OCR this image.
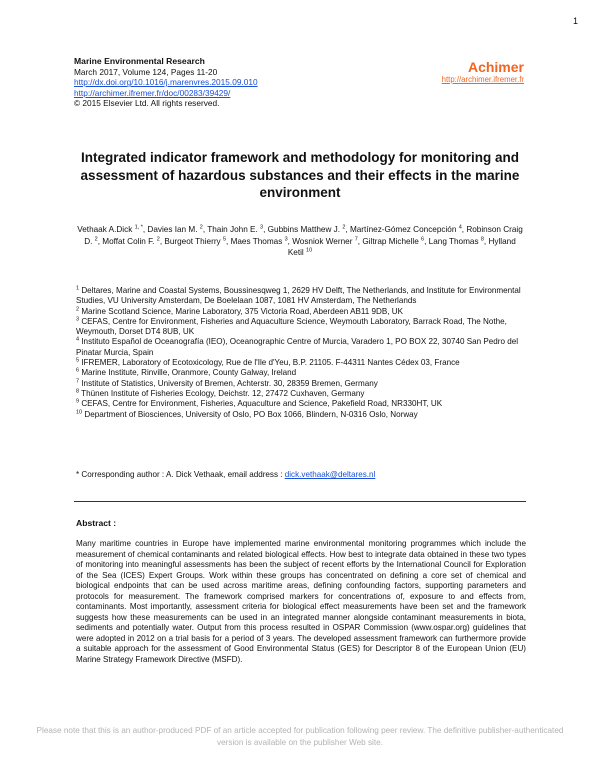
1
Marine Environmental Research
March 2017, Volume 124, Pages 11-20
http://dx.doi.org/10.1016/j.marenvres.2015.09.010
http://archimer.ifremer.fr/doc/00283/39429/
© 2015 Elsevier Ltd. All rights reserved.
Achimer
http://archimer.ifremer.fr
Integrated indicator framework and methodology for monitoring and assessment of hazardous substances and their effects in the marine environment
Vethaak A.Dick $^{1, *}$, Davies Ian M. $^2$, Thain John E. $^3$, Gubbins Matthew J. $^2$, Martínez-Gómez Concepción $^4$, Robinson Craig D. $^2$, Moffat Colin F. $^2$, Burgeot Thierry $^5$, Maes Thomas $^3$, Wosniok Werner $^7$, Giltrap Michelle $^6$, Lang Thomas $^8$, Hylland Ketil $^{10}$

$^1$ Deltares, Marine and Coastal Systems, Boussinesqweg 1, 2629 HV Delft, The Netherlands, and Institute for Environmental Studies, VU University Amsterdam, De Boelelaan 1087, 1081 HV Amsterdam, The Netherlands

$^2$ Marine Scotland Science, Marine Laboratory, 375 Victoria Road, Aberdeen AB11 9DB, UK

$^3$ CEFAS, Centre for Environment, Fisheries and Aquaculture Science, Weymouth Laboratory, Barrack Road, The Nothe, Weymouth, Dorset DT4 8UB, UK

$^4$ Instituto Español de Oceanografía (IEO), Oceanographic Centre of Murcia, Varadero 1, PO BOX 22, 30740 San Pedro del Pinatar Murcia, Spain

$^5$ IFREMER, Laboratory of Ecotoxicology, Rue de l'Ile d'Yeu, B.P. 21105. F-44311 Nantes Cédex 03, France

$^6$ Marine Institute, Rinville, Oranmore, County Galway, Ireland

$^7$ Institute of Statistics, University of Bremen, Achterstr. 30, 28359 Bremen, Germany

$^8$ Thünen Institute of Fisheries Ecology, Deichstr. 12, 27472 Cuxhaven, Germany

$^9$ CEFAS, Centre for Environment, Fisheries, Aquaculture and Science, Pakefield Road, NR330HT, UK

$^{10}$ Department of Biosciences, University of Oslo, PO Box 1066, Blindern, N-0316 Oslo, Norway

* Corresponding author : A. Dick Vethaak, email address : dick.vethaak@deltares.nl
Abstract :
Many maritime countries in Europe have implemented marine environmental monitoring programmes which include the measurement of chemical contaminants and related biological effects. How best to integrate data obtained in these two types of monitoring into meaningful assessments has been the subject of recent efforts by the International Council for Exploration of the Sea (ICES) Expert Groups. Work within these groups has concentrated on defining a core set of chemical and biological endpoints that can be used across maritime areas, defining confounding factors, supporting parameters and protocols for measurement. The framework comprised markers for concentrations of, exposure to and effects from, contaminants. Most importantly, assessment criteria for biological effect measurements have been set and the framework suggests how these measurements can be used in an integrated manner alongside contaminant measurements in biota, sediments and potentially water. Output from this process resulted in OSPAR Commission (www.ospar.org) guidelines that were adopted in 2012 on a trial basis for a period of 3 years. The developed assessment framework can furthermore provide a suitable approach for the assessment of Good Environmental Status (GES) for Descriptor 8 of the European Union (EU) Marine Strategy Framework Directive (MSFD).
Please note that this is an author-produced PDF of an article accepted for publication following peer review. The definitive publisher-authenticated version is available on the publisher Web site.
